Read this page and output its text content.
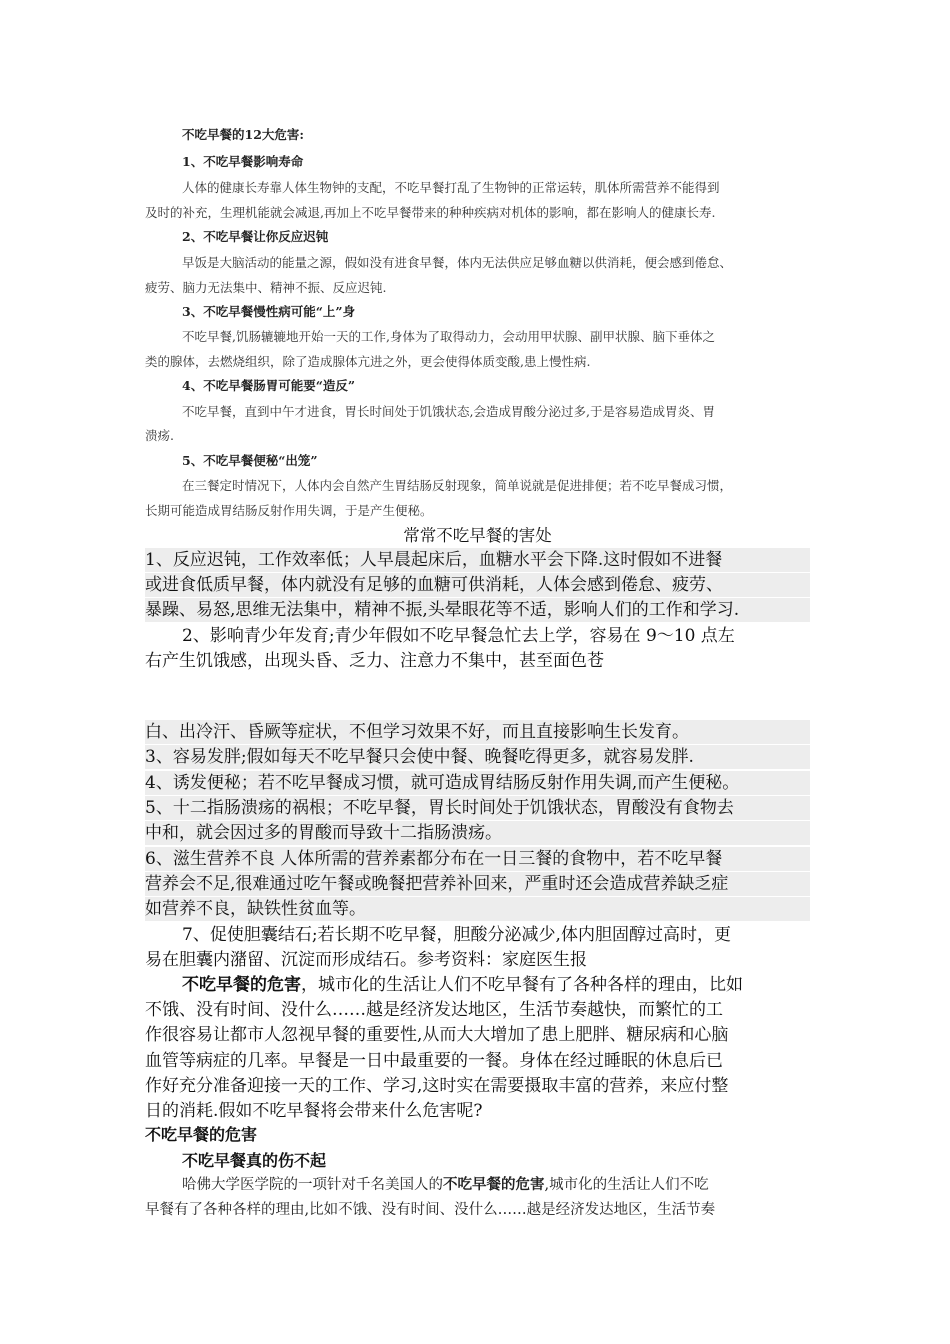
不吃早餐的12大危害:
1、不吃早餐影响寿命
人体的健康长寿靠人体生物钟的支配，不吃早餐打乱了生物钟的正常运转，肌体所需营养不能得到
及时的补充，生理机能就会减退,再加上不吃早餐带来的种种疾病对机体的影响，都在影响人的健康长寿.
2、不吃早餐让你反应迟钝
早饭是大脑活动的能量之源，假如没有进食早餐，体内无法供应足够血糖以供消耗，便会感到倦怠、
疲劳、脑力无法集中、精神不振、反应迟钝.
3、不吃早餐慢性病可能“上”身
不吃早餐,饥肠辘辘地开始一天的工作,身体为了取得动力，会动用甲状腺、副甲状腺、脑下垂体之
类的腺体，去燃烧组织，除了造成腺体亢进之外，更会使得体质变酸,患上慢性病.
4、不吃早餐肠胃可能要“造反”
不吃早餐，直到中午才进食，胃长时间处于饥饿状态,会造成胃酸分泌过多,于是容易造成胃炎、胃
溃疡.
5、不吃早餐便秘“出笼”
在三餐定时情况下，人体内会自然产生胃结肠反射现象，简单说就是促进排便；若不吃早餐成习惯，
长期可能造成胃结肠反射作用失调，于是产生便秘。
常常不吃早餐的害处
1、反应迟钝，工作效率低；人早晨起床后，血糖水平会下降.这时假如不进餐
或进食低质早餐，体内就没有足够的血糖可供消耗，人体会感到倦怠、疲劳、
暴躁、易怒,思维无法集中，精神不振,头晕眼花等不适，影响人们的工作和学习.
2、影响青少年发育;青少年假如不吃早餐急忙去上学，容易在 9～10 点左
右产生饥饿感，出现头昏、乏力、注意力不集中，甚至面色苍
白、出冷汗、昏厥等症状，不但学习效果不好，而且直接影响生长发育。
3、容易发胖;假如每天不吃早餐只会使中餐、晚餐吃得更多，就容易发胖.
4、诱发便秘；若不吃早餐成习惯，就可造成胃结肠反射作用失调,而产生便秘。
5、十二指肠溃疡的祸根；不吃早餐，胃长时间处于饥饿状态，胃酸没有食物去
中和，就会因过多的胃酸而导致十二指肠溃疡。
6、滋生营养不良 人体所需的营养素都分布在一日三餐的食物中，若不吃早餐
营养会不足,很难通过吃午餐或晚餐把营养补回来，严重时还会造成营养缺乏症
如营养不良，缺铁性贫血等。
7、促使胆囊结石;若长期不吃早餐，胆酸分泌减少,体内胆固醇过高时，更
易在胆囊内潴留、沉淀而形成结石。参考资料：家庭医生报
不吃早餐的危害，城市化的生活让人们不吃早餐有了各种各样的理由，比如
不饿、没有时间、没什么……越是经济发达地区，生活节奏越快，而繁忙的工
作很容易让都市人忽视早餐的重要性,从而大大增加了患上肥胖、糖尿病和心脑
血管等病症的几率。早餐是一日中最重要的一餐。身体在经过睡眠的休息后已
作好充分准备迎接一天的工作、学习,这时实在需要摄取丰富的营养，来应付整
日的消耗.假如不吃早餐将会带来什么危害呢?
不吃早餐的危害
不吃早餐真的伤不起
哈佛大学医学院的一项针对千名美国人的不吃早餐的危害,城市化的生活让人们不吃
早餐有了各种各样的理由,比如不饿、没有时间、没什么……越是经济发达地区，生活节奏
